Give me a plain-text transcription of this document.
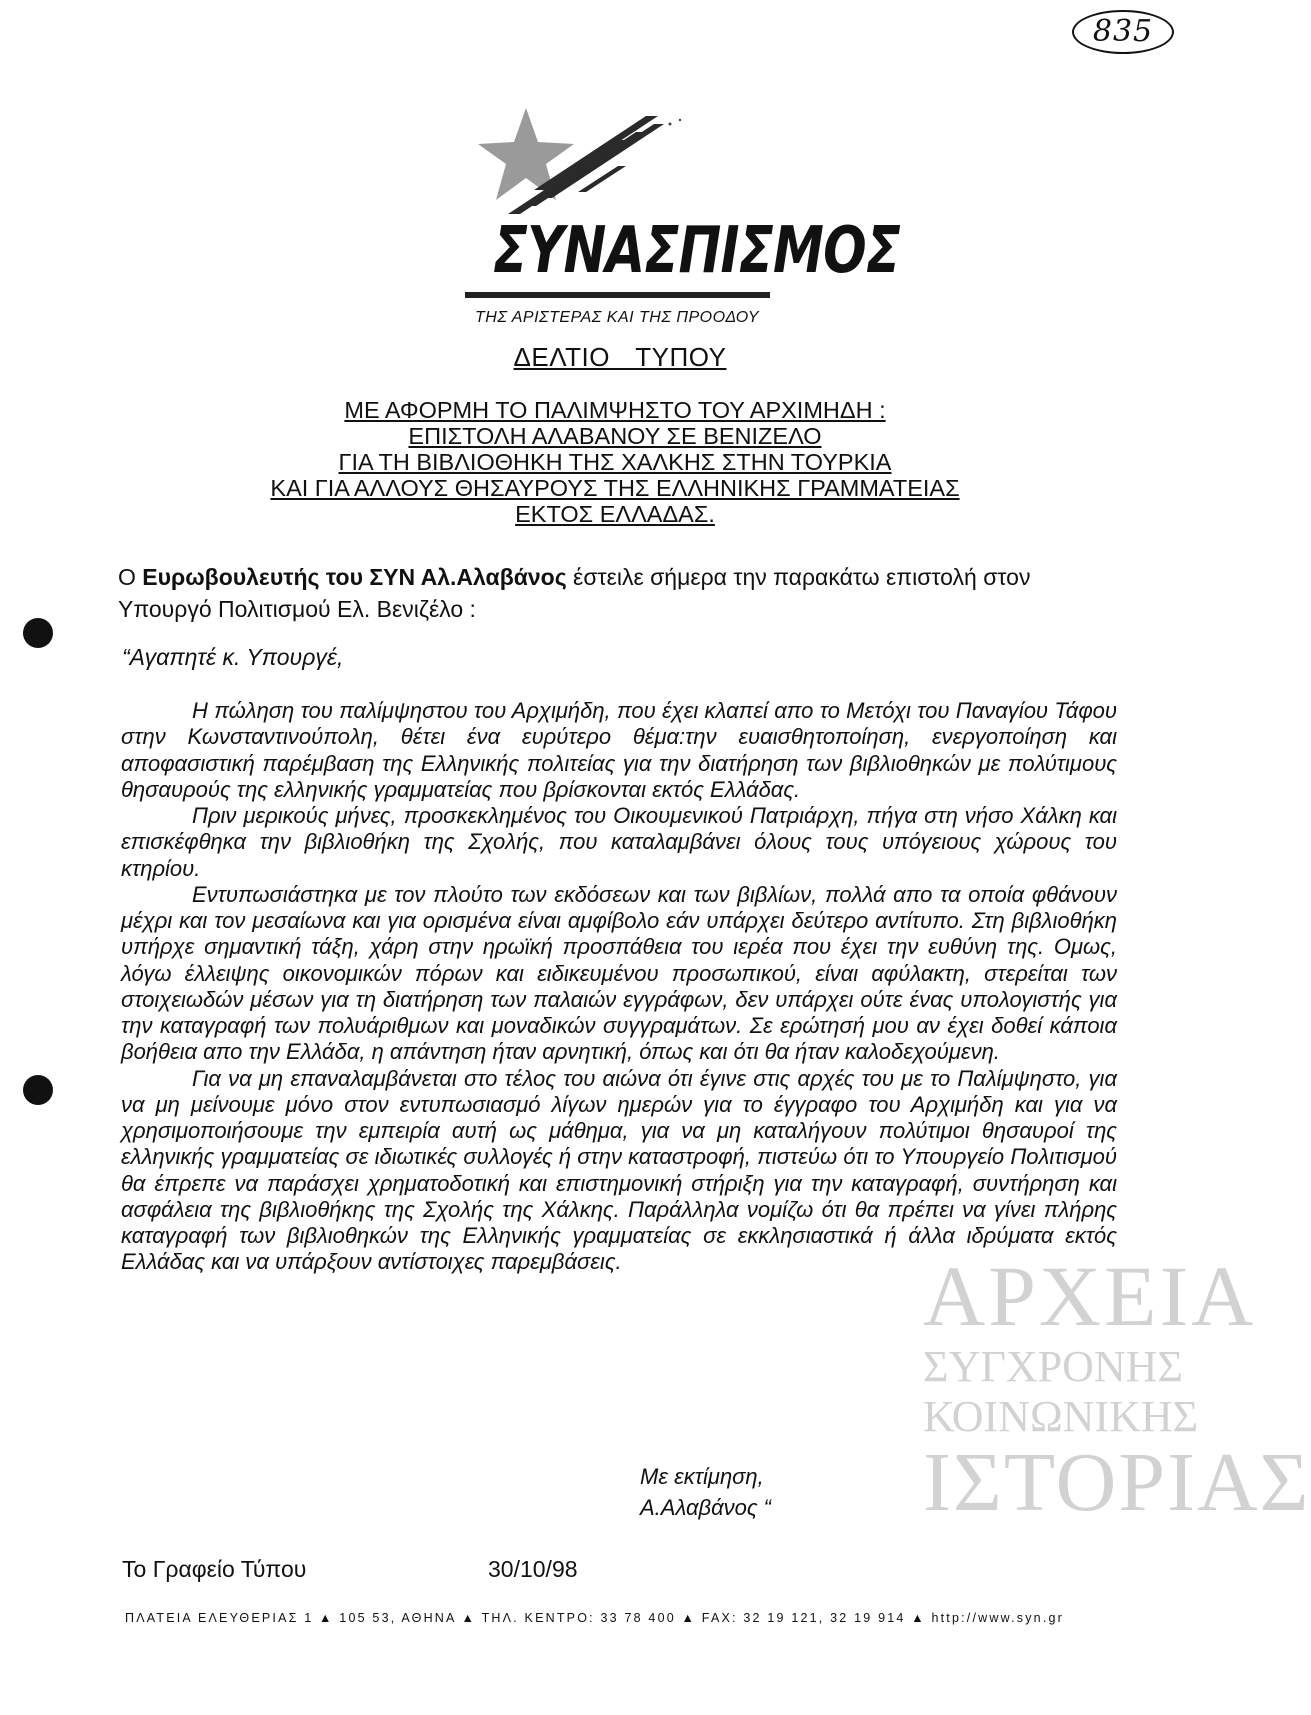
835
ΣΥΝΑΣΠΙΣΜΟΣ
ΤΗΣ ΑΡΙΣΤΕΡΑΣ ΚΑΙ ΤΗΣ ΠΡΟΟΔΟΥ
ΔΕΛΤΙΟ ΤΥΠΟΥ
ΜΕ ΑΦΟΡΜΗ ΤΟ ΠΑΛΙΜΨΗΣΤΟ ΤΟΥ ΑΡΧΙΜΗΔΗ :
ΕΠΙΣΤΟΛΗ ΑΛΑΒΑΝΟΥ ΣΕ ΒΕΝΙΖΕΛΟ
ΓΙΑ ΤΗ ΒΙΒΛΙΟΘΗΚΗ ΤΗΣ ΧΑΛΚΗΣ ΣΤΗΝ ΤΟΥΡΚΙΑ
ΚΑΙ ΓΙΑ ΑΛΛΟΥΣ ΘΗΣΑΥΡΟΥΣ ΤΗΣ ΕΛΛΗΝΙΚΗΣ ΓΡΑΜΜΑΤΕΙΑΣ
ΕΚΤΟΣ ΕΛΛΑΔΑΣ.
Ο Ευρωβουλευτής του ΣΥΝ Αλ.Αλαβάνος έστειλε σήμερα την παρακάτω επιστολή στον Υπουργό Πολιτισμού Ελ. Βενιζέλο :
“Αγαπητέ κ. Υπουργέ,

Η πώληση του παλίμψηστου του Αρχιμήδη, που έχει κλαπεί απο το Μετόχι του Παναγίου Τάφου στην Κωνσταντινούπολη, θέτει ένα ευρύτερο θέμα:την ευαισθητοποίηση, ενεργοποίηση και αποφασιστική παρέμβαση της Ελληνικής πολιτείας για την διατήρηση των βιβλιοθηκών με πολύτιμους θησαυρούς της ελληνικής γραμματείας που βρίσκονται εκτός Ελλάδας.

Πριν μερικούς μήνες, προσκεκλημένος του Οικουμενικού Πατριάρχη, πήγα στη νήσο Χάλκη και επισκέφθηκα την βιβλιοθήκη της Σχολής, που καταλαμβάνει όλους τους υπόγειους χώρους του κτηρίου.

Εντυπωσιάστηκα με τον πλούτο των εκδόσεων και των βιβλίων, πολλά απο τα οποία φθάνουν μέχρι και τον μεσαίωνα και για ορισμένα είναι αμφίβολο εάν υπάρχει δεύτερο αντίτυπο. Στη βιβλιοθήκη υπήρχε σημαντική τάξη, χάρη στην ηρωϊκή προσπάθεια του ιερέα που έχει την ευθύνη της. Ομως, λόγω έλλειψης οικονομικών πόρων και ειδικευμένου προσωπικού, είναι αφύλακτη, στερείται των στοιχειωδών μέσων για τη διατήρηση των παλαιών εγγράφων, δεν υπάρχει ούτε ένας υπολογιστής για την καταγραφή των πολυάριθμων και μοναδικών συγγραμάτων. Σε ερώτησή μου αν έχει δοθεί κάποια βοήθεια απο την Ελλάδα, η απάντηση ήταν αρνητική, όπως και ότι θα ήταν καλοδεχούμενη.

Για να μη επαναλαμβάνεται στο τέλος του αιώνα ότι έγινε στις αρχές του με το Παλίμψηστο, για να μη μείνουμε μόνο στον εντυπωσιασμό λίγων ημερών για το έγγραφο του Αρχιμήδη και για να χρησιμοποιήσουμε την εμπειρία αυτή ως μάθημα, για να μη καταλήγουν πολύτιμοι θησαυροί της ελληνικής γραμματείας σε ιδιωτικές συλλογές ή στην καταστροφή, πιστεύω ότι το Υπουργείο Πολιτισμού θα έπρεπε να παράσχει χρηματοδοτική και επιστημονική στήριξη για την καταγραφή, συντήρηση και ασφάλεια της βιβλιοθήκης της Σχολής της Χάλκης. Παράλληλα νομίζω ότι θα πρέπει να γίνει πλήρης καταγραφή των βιβλιοθηκών της Ελληνικής γραμματείας σε εκκλησιαστικά ή άλλα ιδρύματα εκτός Ελλάδας και να υπάρξουν αντίστοιχες παρεμβάσεις.	ΑΡΧΕΙΑ
ΣΥΓΧΡΟΝΗΣ
ΚΟΙΝΩΝΙΚΗΣ
ΙΣΤΟΡΙΑΣ
Με εκτίμηση,
Α.Αλαβάνος “
Το Γραφείο Τύπου	30/10/98
ΠΛΑΤΕΙΑ ΕΛΕΥΘΕΡΙΑΣ 1 ▲ 105 53, ΑΘΗΝΑ ▲ ΤΗΛ. ΚΕΝΤΡΟ: 33 78 400 ▲ FAX: 32 19 121, 32 19 914 ▲ http://www.syn.gr
